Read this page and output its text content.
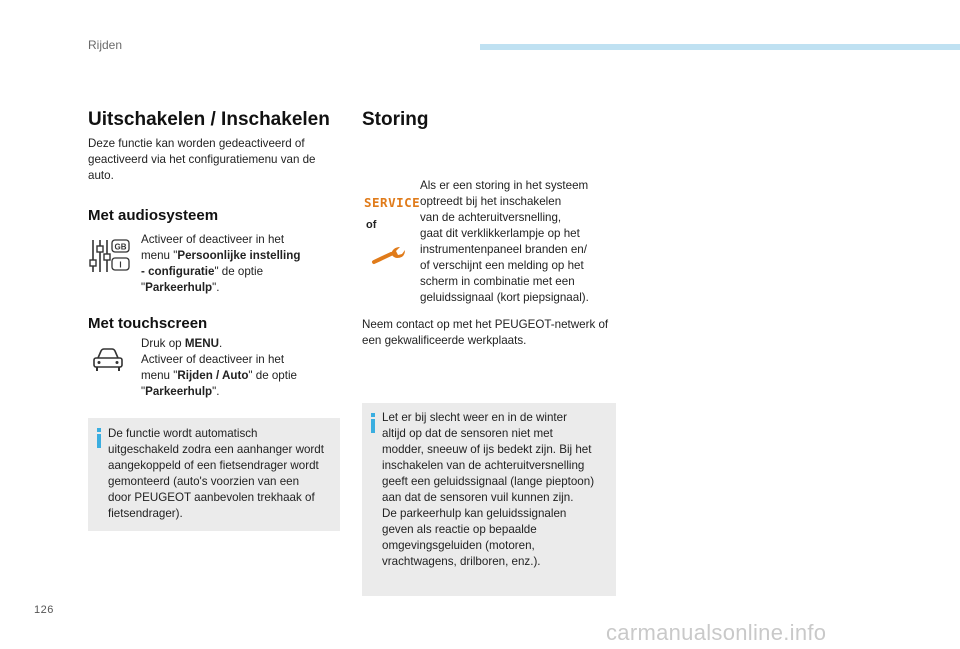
Rijden
Uitschakelen / Inschakelen
Deze functie kan worden gedeactiveerd of
geactiveerd via het configuratiemenu van de
auto.
Met audiosysteem
GB
I
Activeer of deactiveer in het
menu "Persoonlijke instelling
- configuratie" de optie
"Parkeerhulp".
Met touchscreen
Druk op MENU.
Activeer of deactiveer in het
menu "Rijden / Auto" de optie
"Parkeerhulp".
De functie wordt automatisch
uitgeschakeld zodra een aanhanger wordt
aangekoppeld of een fietsendrager wordt
gemonteerd (auto's voorzien van een
door PEUGEOT aanbevolen trekhaak of
fietsendrager).
Storing
SERVICE
of
Als er een storing in het systeem
optreedt bij het inschakelen
van de achteruitversnelling,
gaat dit verklikkerlampje op het
instrumentenpaneel branden en/
of verschijnt een melding op het
scherm in combinatie met een
geluidssignaal (kort piepsignaal).
Neem contact op met het PEUGEOT-netwerk of
een gekwalificeerde werkplaats.
Let er bij slecht weer en in de winter
altijd op dat de sensoren niet met
modder, sneeuw of ijs bedekt zijn. Bij het
inschakelen van de achteruitversnelling
geeft een geluidssignaal (lange pieptoon)
aan dat de sensoren vuil kunnen zijn.
De parkeerhulp kan geluidssignalen
geven als reactie op bepaalde
omgevingsgeluiden (motoren,
vrachtwagens, drilboren, enz.).
126
carmanualsonline.info
